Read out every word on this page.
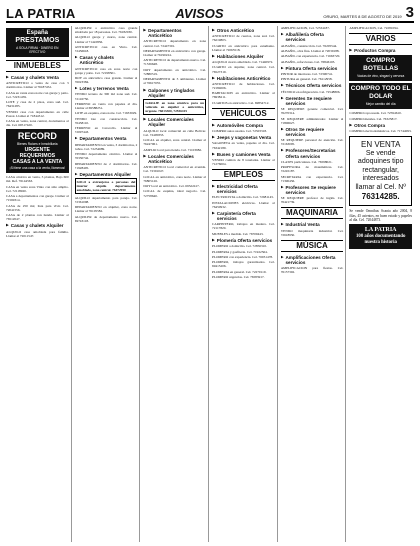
LA PATRIA	AVISOS	ORURO, MARTES 8 DE AGOSTO DE 2019 3
España
PRESTAMOS
A SOLA FIRMA · DINERO EN EFECTIVO
INMUEBLES
▶ Casas y chalets Venta
ANTICRETICO o venta de casa con 3 dormitorios. Llamar al 76187452.
CASA en venta zona norte con garaje y patio. Cel. 72231459.
LOTE y casa de 2 pisos, zona sud. Cel. 76431285.
VENDO casa con departamento en calle Potosí. Llamar al 71844312.
CASA en venta, zona central, documentos al día. Cel. 69517420.
RECORD
Bienes Raíces e Inmobiliaria
URGENTE REQUERIMOS
CASAS A LA VENTA
¡Si tiene una casa a la venta, llámenos!
CASA céntrica en venta, 3 plantas, Bajo 600 m2. Ref. 76144563.
CASA en venta zona Vinto con sitio amplio. Cel. 72118920.
CASA a departamentos con garaje. Llamar al 71569314.
CASA de 250 m2, lista para vivir. Cel. 72041556.
CASA de 2 plantas con tienda. Llamar al 76512047.
▶ Casas y chalets Alquiler
ALQUILO casa amoblada para familia. Llamar al 72011547.
ALQUILER o anticrético casa grande amoblada por 18 personas. Cel. 76182030.
ALQUILO garaje y cuarto, zona central. Llamar al 71422836.
ANTICRETICO casa en Vinto. Cel. 72456618.
▶ Casas y chalets Anticrético
ANTICRETICO casa en zona norte con garaje y patio. Cel. 72198501.
DOY en anticrético casa grande. Llamar al 76023384.
▶ Lotes y terrenos Venta
VENDO terreno de 300 m2 zona sud. Cel. 72116750.
TERRENO en venta con papeles al día. Llamar al 69588231.
LOTE en esquina, zona norte. Cel. 71633029.
VENDO lote con construcción. Cel. 76458110.
TERRENO en Caracollo. Llamar al 72097443.
▶ Departamentos Venta
DEPARTAMENTO en venta, 3 dormitorios, 2 baños. Cel. 72254689.
VENDO departamento céntrico. Llamar al 76330742.
DEPARTAMENTO de 2 dormitorios. Cel. 71928405.
▶ Departamentos Alquiler
SOLO a extranjeros o personas del interior alquilo departamento amoblado, zona central. 76472950
ALQUILO departamento para pareja. Cel. 72361098.
DEPARTAMENTO en alquiler, zona norte. Llamar al 76105582.
ALQUILER de departamento nuevo. Cel. 69743118.
▶ Departamentos Anticrético
ANTICRETICO departamento en zona central. Cel. 72447301.
DEPARTAMENTO en anticrético con garaje. Llamar al 76190224.
ANTICRETICO de departamento nuevo. Cel. 71536648.
DOY departamento en anticrético. Cel. 72880519.
DEPARTAMENTO de 3 ambientes. Llamar al 76617035.
▶ Galpones y tinglados Alquiler
GARAJE en zona céntrica para un vehículo en alquiler o anticrético, urgente. 76013300, 72556415
▶ Locales Comerciales Alquiler
ALQUILO local comercial en calle Bolívar. Cel. 72495833.
LOCAL en alquiler, zona central. Llamar al 76247061.
AMPLIO local para tienda. Cel. 71103982.
▶ Locales Comerciales Anticrético
ANTICRETICO local comercial en avenida. Cel. 72391047.
LOCAL en anticrético, zona norte. Llamar al 76805126.
DOY local en anticrético. Cel. 69322417.
LOCAL de esquina, ideal negocio. Cel. 72758640.
▶ Otros Anticrético
ANTICRETICO de cuartos, zona sud. Cel. 76219803.
CUARTO en anticrético para estudiante. Llamar al 72065518.
▶ Habitaciones Alquiler
ALQUILO cuarto amoblado. Cel. 71440972.
CUARTO en alquiler, zona central. Cel. 76527319.
▶ Habitaciones Anticrético
ANTICRETICO de habitaciones. Cel. 72184006.
HABITACION en anticrético. Llamar al 76938211.
CUARTOS en anticrético. Cel. 69854712.
VEHÍCULOS
▶ Automóviles Compra
COMPRO autos usados. Cel. 72503318.
▶ Jeeps y vagonetas Venta
VAGONETA en venta, papeles al día. Cel. 76342189.
▶ Buses y camiones Venta
VENDO camión de 8 toneladas. Llamar al 71276004.
EMPLEOS
▶ Electricidad Oferta servicios
ELECTRICISTA a domicilio. Cel. 72681145.
INSTALACIONES eléctricas. Llamar al 76450932.
▶ Carpintería Oferta servicios
CARPINTERO, trabajos en madera. Cel. 72117820.
MUEBLES a medida. Cel. 76709443.
▶ Plomería Oferta servicios
PLOMERO a domicilio. Cel. 72856310.
PLOMERIA y gasfitería. Cel. 71922564.
PLOMERO con experiencia. Cel. 76031478.
PLOMERO, trabajos garantizados. Cel. 69415206.
PLOMERIA en general. Cel. 72270119.
PLOMERO urgencias. Cel. 76583917.
AMPLIFICACION, Cel. 72334187.
▶ Albañilería Oferta servicios
ALBAÑIL, construcción. Cel. 76205544.
ALBAÑIL, obra fina. Llamar al 72039188.
ALBAÑIL con experiencia. Cel. 71663720.
ALBAÑIL, refacciones. Cel. 76846103.
▶ Pintura Oferta servicios
PINTOR de interiores. Cel. 72390741.
PINTURA en general. Cel. 76112958.
▶ Técnicos Oferta servicios
TÉCNICO en refrigeración. Cel. 72548806.
▶ Gerentes Se requiere servicios
SE REQUIERE gerente comercial. Cel. 76270314.
SE REQUIERE administrador. Llamar al 71806627.
▶ Otros Se requiere servicios
SE REQUIERE personal de atención. Cel. 72163095.
▶ Profesores/Secretarias Oferta servicios
CLASES particulares. Cel. 76598021.
PROFESORA de matemáticas. Cel. 72245187.
SECRETARIA con experiencia. Cel. 71390456.
▶ Profesores Se requiere servicios
SE REQUIERE profesor de inglés. Cel. 76421739.
MAQUINARIA
▶ Industrial Venta
VENDO maquinaria industrial. Cel. 72618950.
MÚSICA
▶ Amplificaciones Oferta servicios
AMPLIFICACION para fiestas. Cel. 76157302.
AMPLIFICACION, Cel. 72281094.
VARIOS
▶ Productos Compra
COMPRO BOTELLAS
Vacías de vino, singani y cerveza
COMPRO TODO EL DOLAR
Mejor cambio del día
COMPRO ropa usada. Cel. 72594610.
COMPRO metales. Cel. 76325817.
▶ Otros Compra
COMPRO electrodomésticos. Cel. 71744093.
EN VENTA
Se vende adoquines tipo rectangular, interesados llamar al Cel. Nº
76314285.
Se vende Omnibus Scania año 2004, 8 filas, 45 asientos, en buen estado y papeles al día. Cel. 72044873.
LA PATRIA
100 años documentando nuestra historia
